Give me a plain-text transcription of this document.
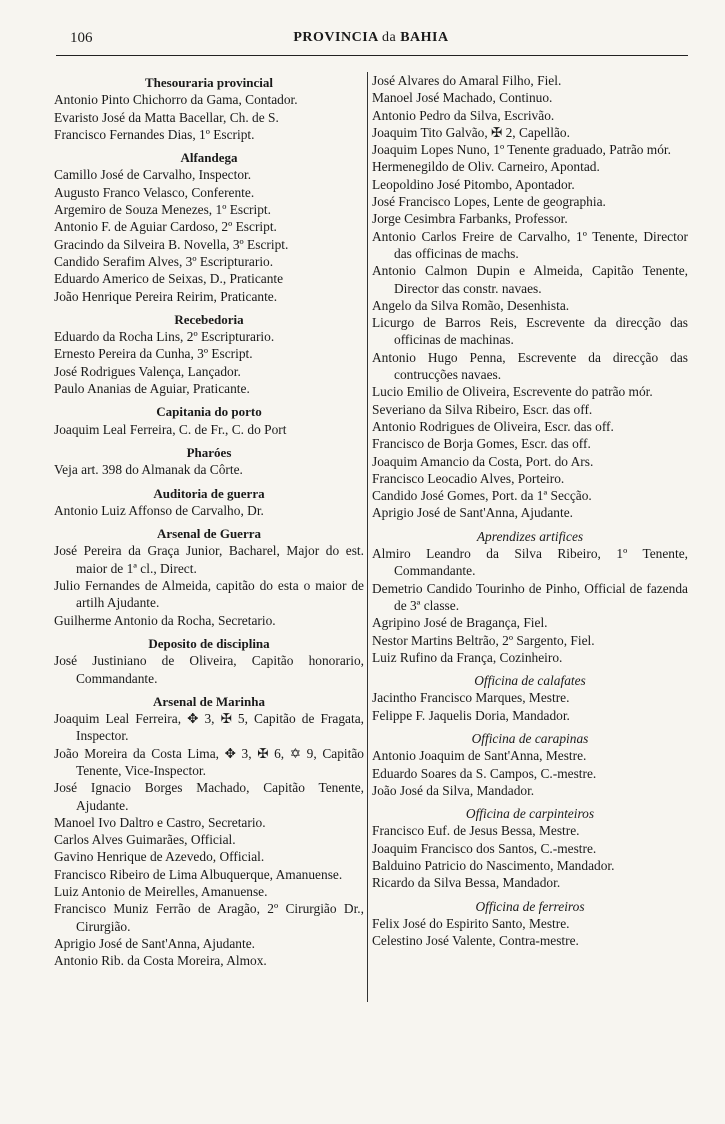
106	PROVINCIA da BAHIA
Thesouraria provincial

Antonio Pinto Chichorro da Gama, Contador.

Evaristo José da Matta Bacellar, Ch. de S.

Francisco Fernandes Dias, 1º Escript.

Alfandega

Camillo José de Carvalho, Inspector.

Augusto Franco Velasco, Conferente.

Argemiro de Souza Menezes, 1º Escript.

Antonio F. de Aguiar Cardoso, 2º Escript.

Gracindo da Silveira B. Novella, 3º Escript.

Candido Serafim Alves, 3º Escripturario.

Eduardo Americo de Seixas, D., Praticante

João Henrique Pereira Reirim, Praticante.

Recebedoria

Eduardo da Rocha Lins, 2º Escripturario.

Ernesto Pereira da Cunha, 3º Escript.

José Rodrigues Valença, Lançador.

Paulo Ananias de Aguiar, Praticante.

Capitania do porto

Joaquim Leal Ferreira, C. de Fr., C. do Port

Pharóes

Veja art. 398 do Almanak da Côrte.

Auditoria de guerra

Antonio Luiz Affonso de Carvalho, Dr.

Arsenal de Guerra

José Pereira da Graça Junior, Bacharel, Major do est. maior de 1ª cl., Direct.

Julio Fernandes de Almeida, capitão do esta o maior de artilh Ajudante.

Guilherme Antonio da Rocha, Secretario.

Deposito de disciplina

José Justiniano de Oliveira, Capitão honorario, Commandante.

Arsenal de Marinha

Joaquim Leal Ferreira, ✥ 3, ✠ 5, Capitão de Fragata, Inspector.

João Moreira da Costa Lima, ✥ 3, ✠ 6, ✡ 9, Capitão Tenente, Vice-Inspector.

José Ignacio Borges Machado, Capitão Tenente, Ajudante.

Manoel Ivo Daltro e Castro, Secretario.

Carlos Alves Guimarães, Official.

Gavino Henrique de Azevedo, Official.

Francisco Ribeiro de Lima Albuquerque, Amanuense.

Luiz Antonio de Meirelles, Amanuense.

Francisco Muniz Ferrão de Aragão, 2º Cirurgião Dr., Cirurgião.

Aprigio José de Sant'Anna, Ajudante.

Antonio Rib. da Costa Moreira, Almox.

José Alvares do Amaral Filho, Fiel.

Manoel José Machado, Continuo.

Antonio Pedro da Silva, Escrivão.

Joaquim Tito Galvão, ✠ 2, Capellão.

Joaquim Lopes Nuno, 1º Tenente graduado, Patrão mór.

Hermenegildo de Oliv. Carneiro, Apontad.

Leopoldino José Pitombo, Apontador.

José Francisco Lopes, Lente de geographia.

Jorge Cesimbra Farbanks, Professor.

Antonio Carlos Freire de Carvalho, 1º Tenente, Director das officinas de machs.

Antonio Calmon Dupin e Almeida, Capitão Tenente, Director das constr. navaes.

Angelo da Silva Romão, Desenhista.

Licurgo de Barros Reis, Escrevente da direcção das officinas de machinas.

Antonio Hugo Penna, Escrevente da direcção das contrucções navaes.

Lucio Emilio de Oliveira, Escrevente do patrão mór.

Severiano da Silva Ribeiro, Escr. das off.

Antonio Rodrigues de Oliveira, Escr. das off.

Francisco de Borja Gomes, Escr. das off.

Joaquim Amancio da Costa, Port. do Ars.

Francisco Leocadio Alves, Porteiro.

Candido José Gomes, Port. da 1ª Secção.

Aprigio José de Sant'Anna, Ajudante.

Aprendizes artifices

Almiro Leandro da Silva Ribeiro, 1º Tenente, Commandante.

Demetrio Candido Tourinho de Pinho, Official de fazenda de 3ª classe.

Agripino José de Bragança, Fiel.

Nestor Martins Beltrão, 2º Sargento, Fiel.

Luiz Rufino da França, Cozinheiro.

Officina de calafates

Jacintho Francisco Marques, Mestre.

Felippe F. Jaquelis Doria, Mandador.

Officina de carapinas

Antonio Joaquim de Sant'Anna, Mestre.

Eduardo Soares da S. Campos, C.-mestre.

João José da Silva, Mandador.

Officina de carpinteiros

Francisco Euf. de Jesus Bessa, Mestre.

Joaquim Francisco dos Santos, C.-mestre.

Balduino Patricio do Nascimento, Mandador.

Ricardo da Silva Bessa, Mandador.

Officina de ferreiros

Felix José do Espirito Santo, Mestre.

Celestino José Valente, Contra-mestre.
